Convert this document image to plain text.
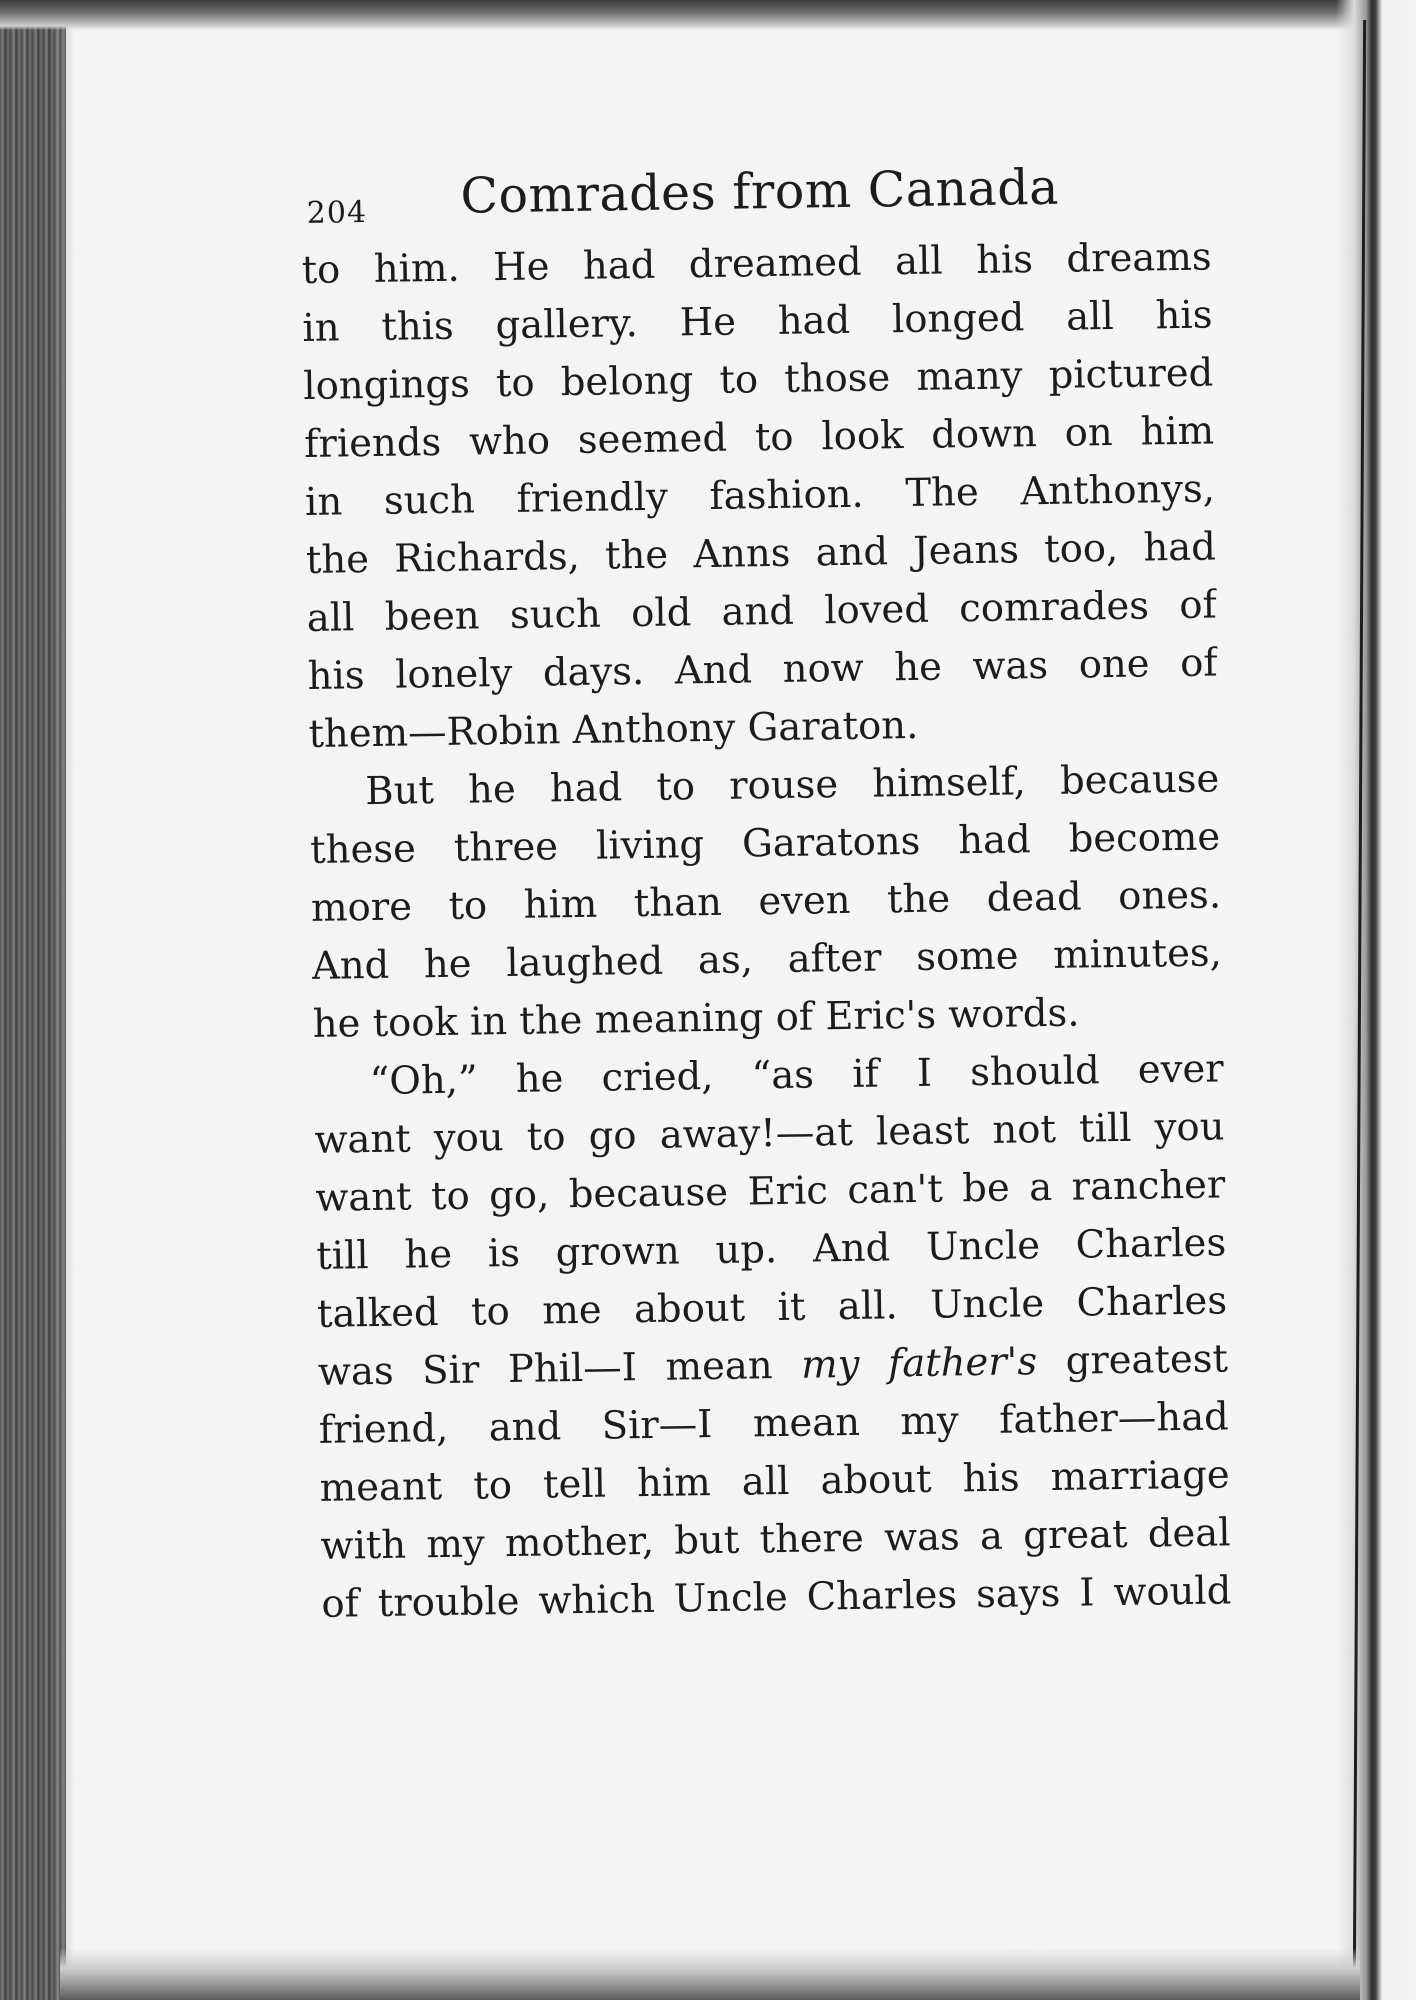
204 Comrades from Canada
to him. He had dreamed all his dreams
in this gallery. He had longed all his
longings to belong to those many pictured
friends who seemed to look down on him
in such friendly fashion. The Anthonys,
the Richards, the Anns and Jeans too, had
all been such old and loved comrades of
his lonely days. And now he was one of
them—Robin Anthony Garaton.
But he had to rouse himself, because
these three living Garatons had become
more to him than even the dead ones.
And he laughed as, after some minutes,
he took in the meaning of Eric's words.
“Oh,” he cried, “as if I should ever
want you to go away!—at least not till you
want to go, because Eric can't be a rancher
till he is grown up. And Uncle Charles
talked to me about it all. Uncle Charles
was Sir Phil—I mean my father's greatest
friend, and Sir—I mean my father—had
meant to tell him all about his marriage
with my mother, but there was a great deal
of trouble which Uncle Charles says I would
